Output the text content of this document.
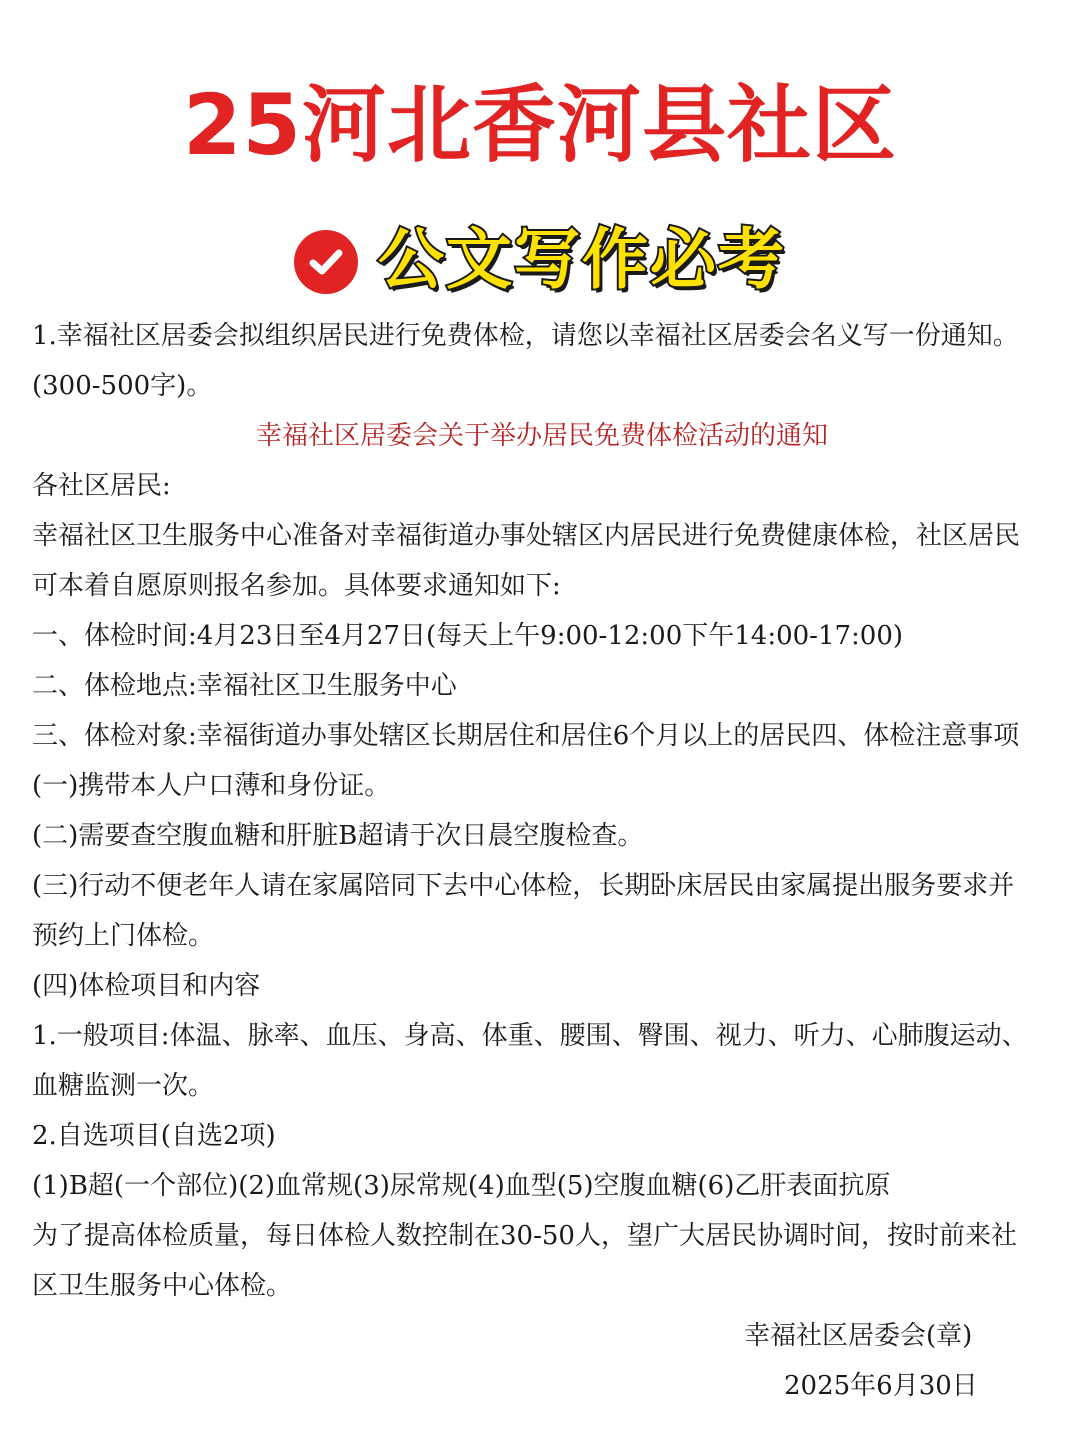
25河北香河县社区
公文写作必考
1.幸福社区居委会拟组织居民进行免费体检，请您以幸福社区居委会名义写一份通知。
(300-500字)。
幸福社区居委会关于举办居民免费体检活动的通知
各社区居民:
幸福社区卫生服务中心准备对幸福街道办事处辖区内居民进行免费健康体检，社区居民
可本着自愿原则报名参加。具体要求通知如下:
一、体检时间:4月23日至4月27日(每天上午9:00-12:00下午14:00-17:00)
二、体检地点:幸福社区卫生服务中心
三、体检对象:幸福街道办事处辖区长期居住和居住6个月以上的居民四、体检注意事项
(一)携带本人户口薄和身份证。
(二)需要查空腹血糖和肝脏B超请于次日晨空腹检查。
(三)行动不便老年人请在家属陪同下去中心体检，长期卧床居民由家属提出服务要求并
预约上门体检。
(四)体检项目和内容
1.一般项目:体温、脉率、血压、身高、体重、腰围、臀围、视力、听力、心肺腹运动、
血糖监测一次。
2.自选项目(自选2项)
(1)B超(一个部位)(2)血常规(3)尿常规(4)血型(5)空腹血糖(6)乙肝表面抗原
为了提高体检质量，每日体检人数控制在30-50人，望广大居民协调时间，按时前来社
区卫生服务中心体检。
幸福社区居委会(章)
2025年6月30日
